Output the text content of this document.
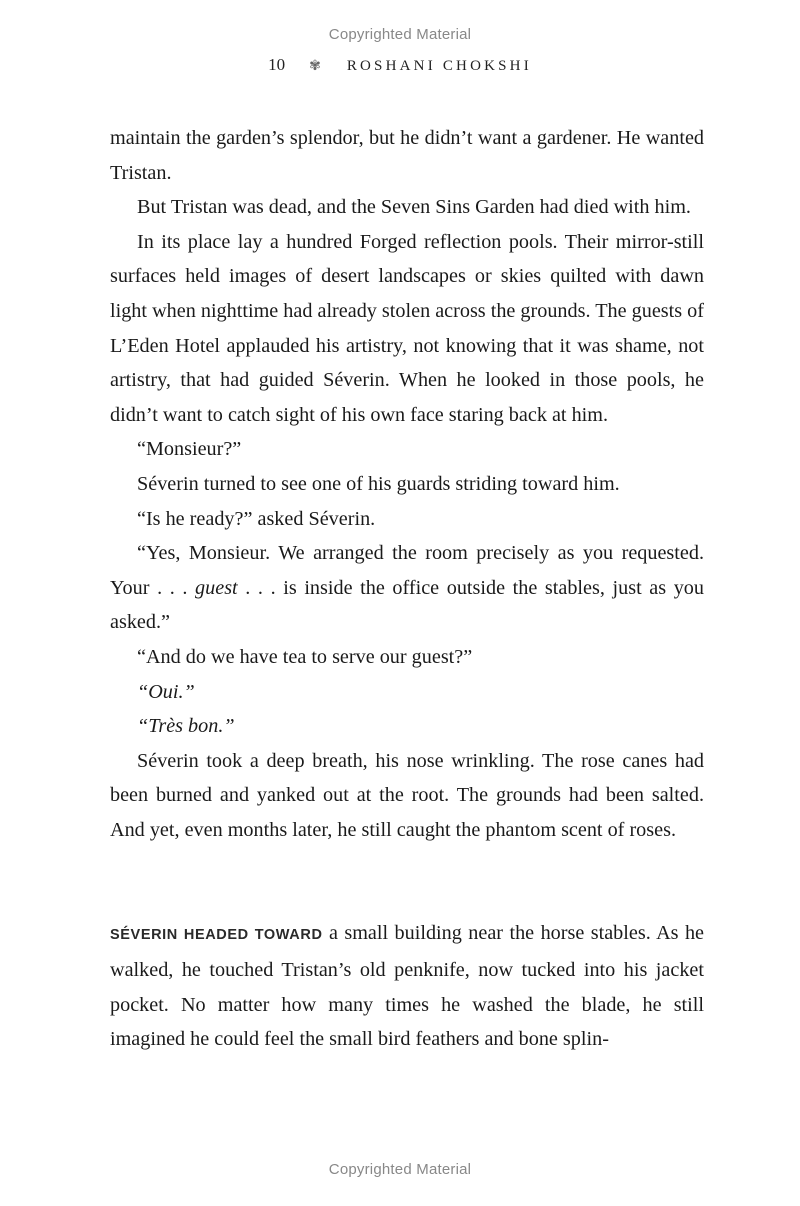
Copyrighted Material
10 ✾ ROSHANI CHOKSHI

maintain the garden’s splendor, but he didn’t want a gardener. He wanted Tristan.

But Tristan was dead, and the Seven Sins Garden had died with him.

In its place lay a hundred Forged reflection pools. Their mirror-still surfaces held images of desert landscapes or skies quilted with dawn light when nighttime had already stolen across the grounds. The guests of L’Eden Hotel applauded his artistry, not knowing that it was shame, not artistry, that had guided Séverin. When he looked in those pools, he didn’t want to catch sight of his own face staring back at him.

“Monsieur?”

Séverin turned to see one of his guards striding toward him.

“Is he ready?” asked Séverin.

“Yes, Monsieur. We arranged the room precisely as you requested. Your . . . guest . . . is inside the office outside the stables, just as you asked.”

“And do we have tea to serve our guest?”

“Oui.”

“Très bon.”

Séverin took a deep breath, his nose wrinkling. The rose canes had been burned and yanked out at the root. The grounds had been salted. And yet, even months later, he still caught the phantom scent of roses.

SÉVERIN HEADED TOWARD a small building near the horse stables. As he walked, he touched Tristan’s old penknife, now tucked into his jacket pocket. No matter how many times he washed the blade, he still imagined he could feel the small bird feathers and bone splin-

Copyrighted Material
